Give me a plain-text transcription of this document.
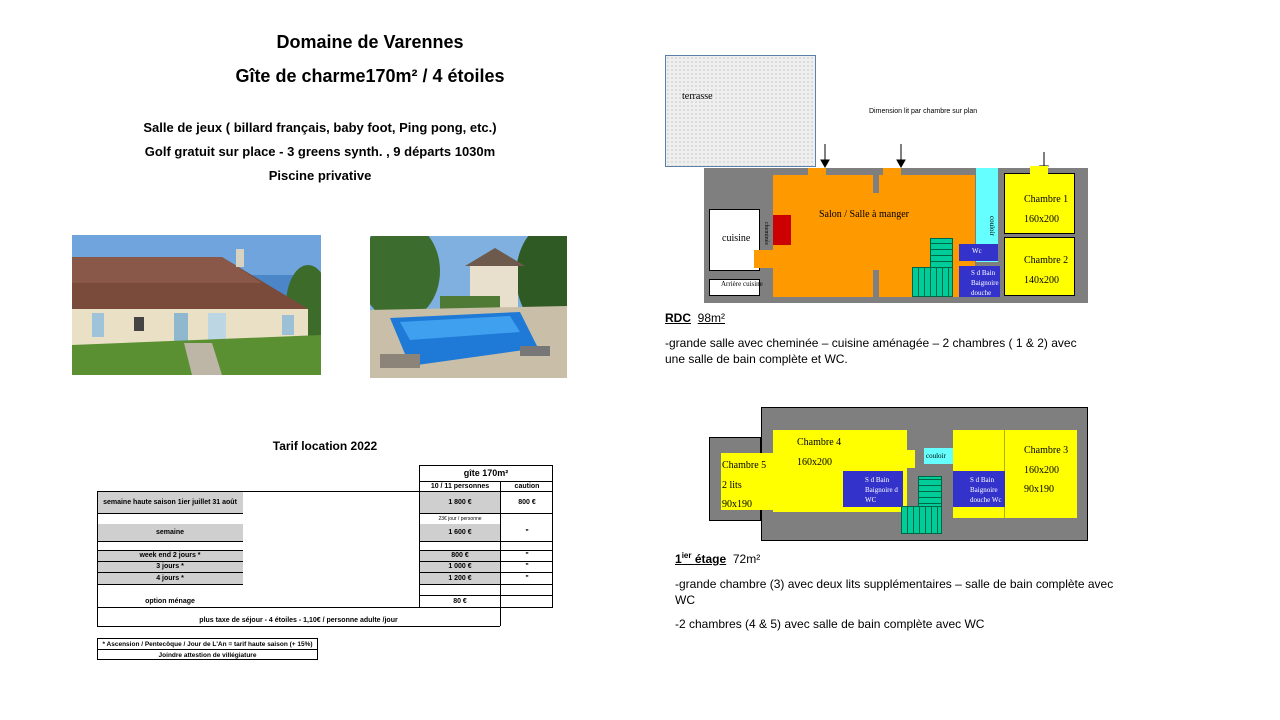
Domaine de Varennes
Gîte de charme170m² / 4 étoiles
Salle de jeux ( billard français, baby foot, Ping pong, etc.)
Golf gratuit sur place - 3 greens synth. , 9 départs 1030m
Piscine privative
Tarif location 2022
gîte 170m²
10 / 11 personnes	caution
semaine haute saison 1ier juillet 31 août	1 800 €	800 €
23€ jour / personne
semaine	1 600 €	"
week end 2 jours *	800 €	"
3 jours *	1 000 €	"
4 jours *	1 200 €	"
option ménage	80 €
plus taxe de séjour - 4 étoiles - 1,10€ / personne adulte /jour
* Ascension / Pentecôque / Jour de L'An = tarif haute saison (+ 15%)
Joindre attestion de villégiature
terrasse
Dimension lit par chambre sur plan
cuisine
Arrière cuisine
Salon / Salle à manger
cheminée	couloir
Wc
S d Bain Baignoire douche
Chambre 1
160x200
Chambre 2
140x200
RDC 98m²
-grande salle avec cheminée – cuisine aménagée – 2 chambres ( 1 & 2) avec une salle de bain complète et WC.
Chambre 5
2 lits
90x190
Chambre 4
160x200
S d Bain Baignoire d WC
couloir	Chambre 3
160x200
90x190
S d Bain Baignoire douche Wc
$1^{ier}$ étage 72m²
-grande chambre (3) avec deux lits supplémentaires – salle de bain complète avec WC
-2 chambres (4 & 5) avec salle de bain complète avec WC
